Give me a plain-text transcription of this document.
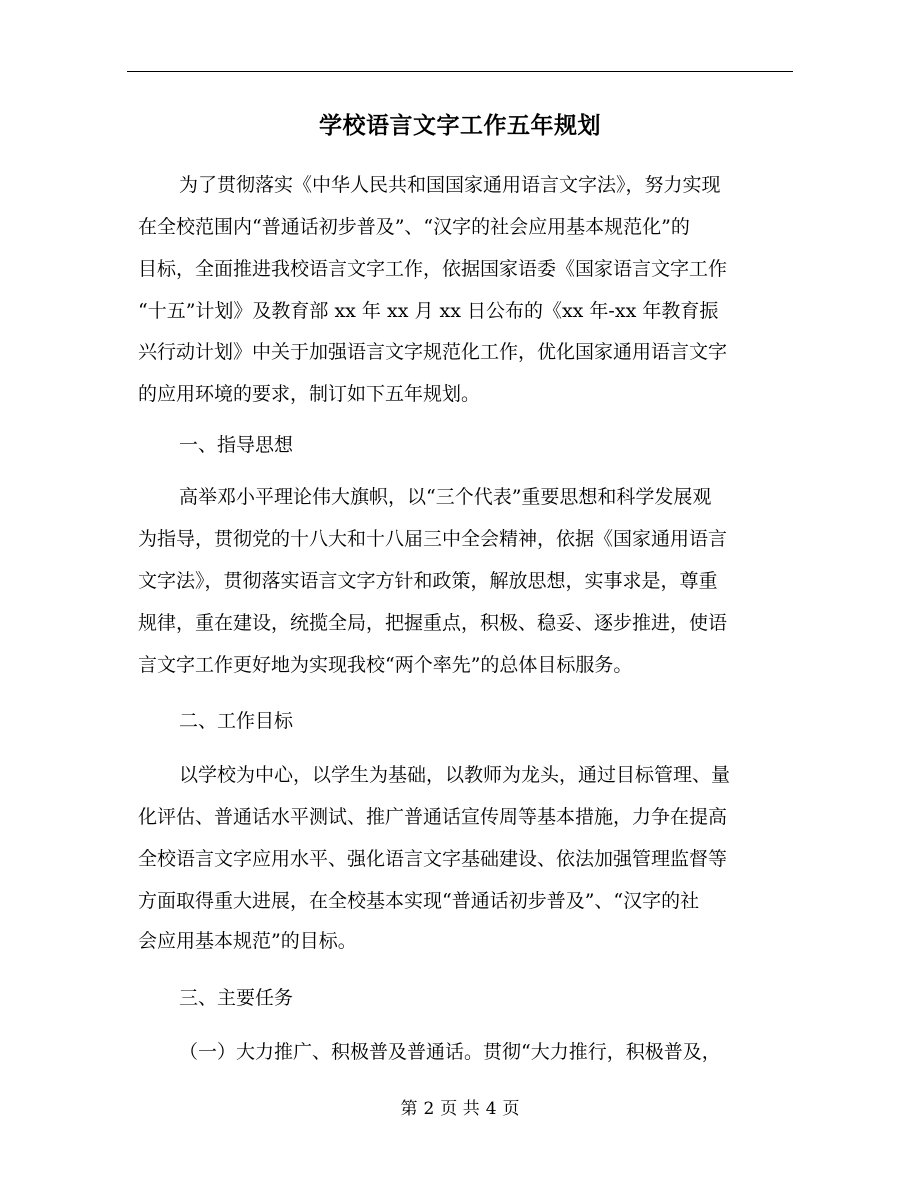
学校语言文字工作五年规划
为了贯彻落实《中华人民共和国国家通用语言文字法》，努力实现
在全校范围内“普通话初步普及”、“汉字的社会应用基本规范化”的
目标，全面推进我校语言文字工作，依据国家语委《国家语言文字工作
“十五”计划》及教育部 xx 年 xx 月 xx 日公布的《xx 年-xx 年教育振
兴行动计划》中关于加强语言文字规范化工作，优化国家通用语言文字
的应用环境的要求，制订如下五年规划。
一、指导思想
高举邓小平理论伟大旗帜，以“三个代表”重要思想和科学发展观
为指导，贯彻党的十八大和十八届三中全会精神，依据《国家通用语言
文字法》，贯彻落实语言文字方针和政策，解放思想，实事求是，尊重
规律，重在建设，统揽全局，把握重点，积极、稳妥、逐步推进，使语
言文字工作更好地为实现我校“两个率先”的总体目标服务。
二、工作目标
以学校为中心，以学生为基础，以教师为龙头，通过目标管理、量
化评估、普通话水平测试、推广普通话宣传周等基本措施，力争在提高
全校语言文字应用水平、强化语言文字基础建设、依法加强管理监督等
方面取得重大进展，在全校基本实现“普通话初步普及”、“汉字的社
会应用基本规范”的目标。
三、主要任务
（一）大力推广、积极普及普通话。贯彻“大力推行，积极普及，
第 2 页 共 4 页
